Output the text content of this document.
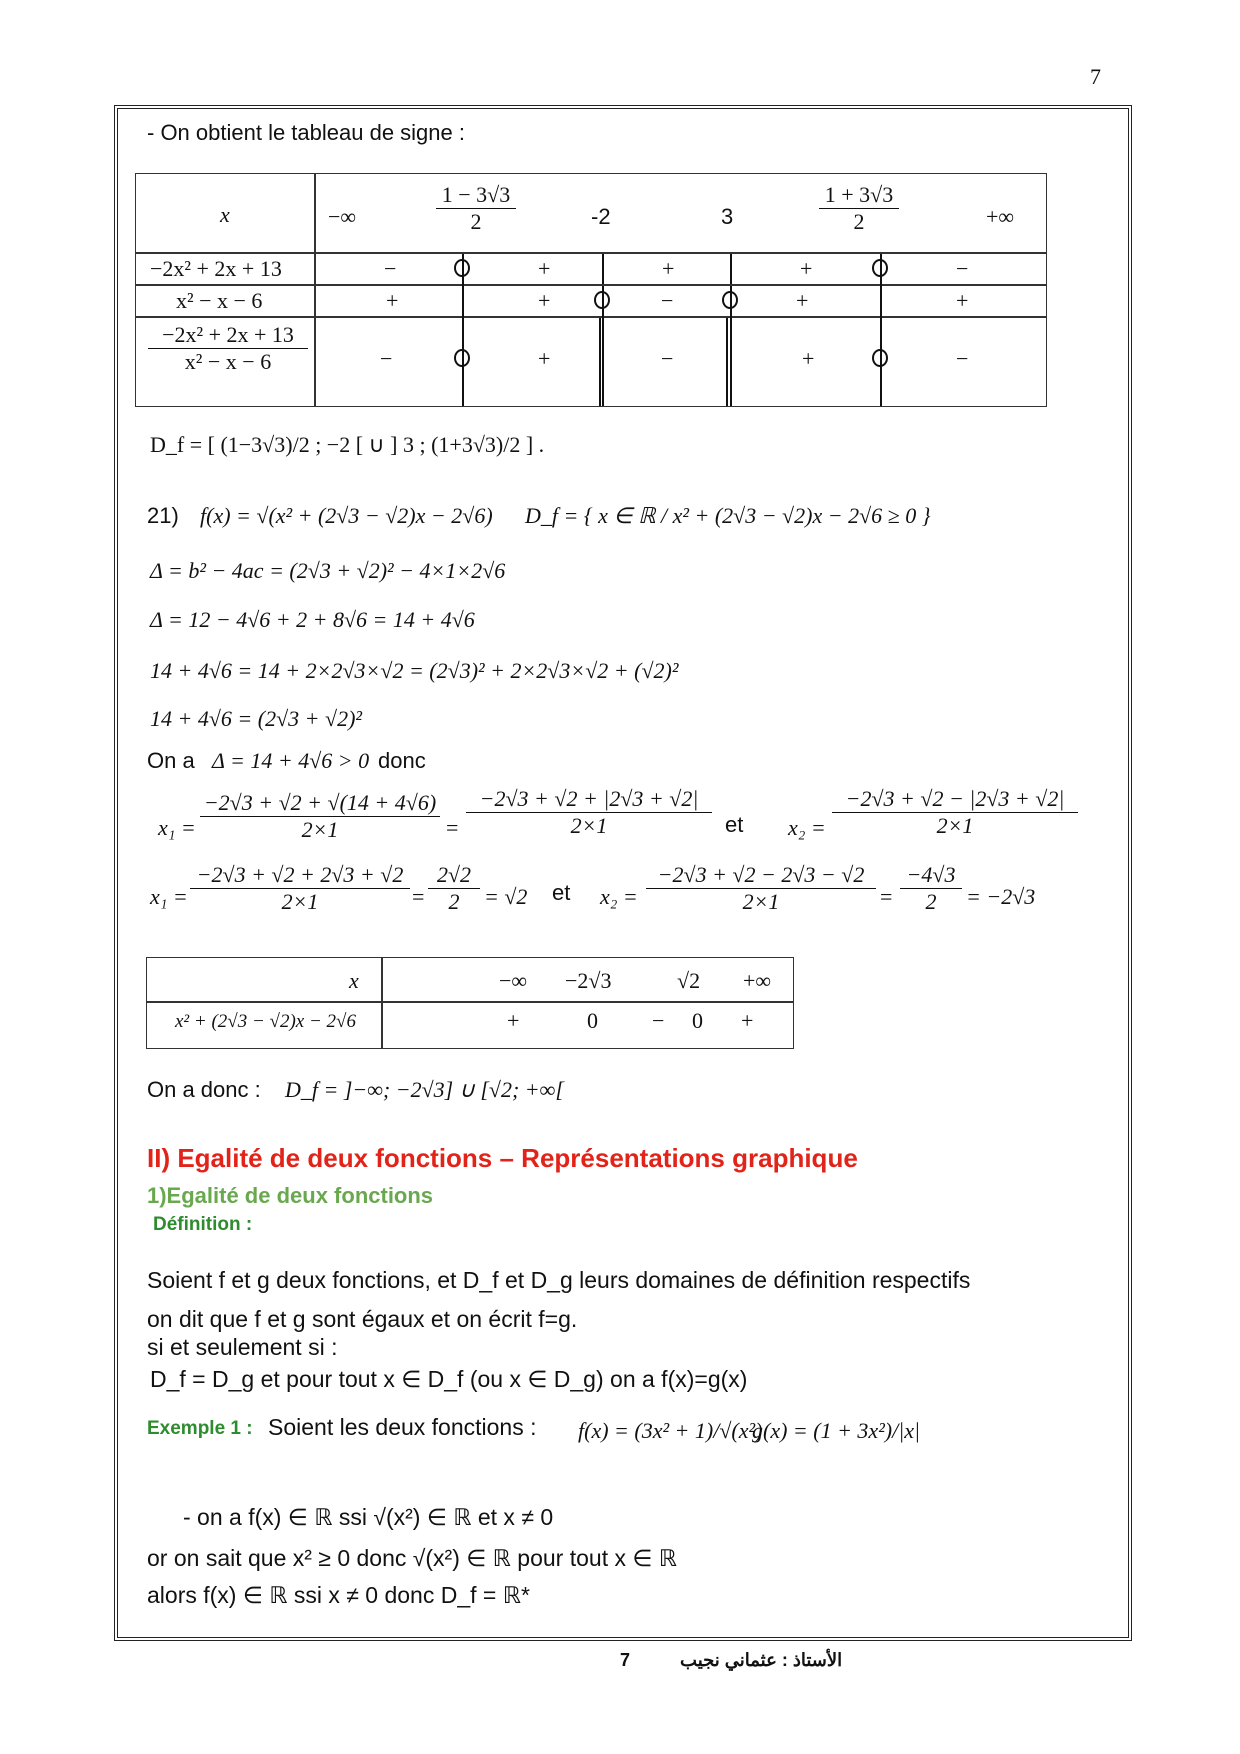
7
- On obtient le tableau de signe :
x	−∞	$\frac{1 - 3√3}{2}$	-2	3	$\frac{1 + 3√3}{2}$	+∞
−2x² + 2x + 13	−	+	+	+	−
x² − x − 6	+	+	−	+	+
$\frac{\text{−2x² + 2x + 13}}{\text{x² − x − 6}}$	−	+	−	+	−
D_f = [ (1−3√3)/2 ; −2 [ ∪ ] 3 ; (1+3√3)/2 ] .
21) f(x) = √(x² + (2√3 − √2)x − 2√6) D_f = { x ∈ ℝ / x² + (2√3 − √2)x − 2√6 ≥ 0 }
Δ = b² − 4ac = (2√3 + √2)² − 4×1×2√6
Δ = 12 − 4√6 + 2 + 8√6 = 14 + 4√6
14 + 4√6 = 14 + 2×2√3×√2 = (2√3)² + 2×2√3×√2 + (√2)²
14 + 4√6 = (2√3 + √2)²
On a Δ = 14 + 4√6 > 0 donc
$x_1 = \frac{-2√3 + √2 + √(14 + 4√6)}{2\times 1} = \frac{-2√3 + √2 + |2√3 + √2|}{2\times 1}$ et $x_2 = \frac{-2√3 + √2 - |2√3 + √2|}{2\times 1}$
$x_1 = \frac{-2√3 + √2 + 2√3 + √2}{2\times 1} = \frac{2√2}{2} = √2$ et $x_2 = \frac{-2√3 + √2 - 2√3 - √2}{2\times 1} = \frac{-4√3}{2} = -2√3$
x	−∞ −2√3	√2 +∞
x² + (2√3 − √2)x − 2√6	+	0 − 0 +
On a donc : D_f = ]−∞; −2√3] ∪ [√2; +∞[
II) Egalité de deux fonctions – Représentations graphique
1)Egalité de deux fonctions
Définition :
Soient f et g deux fonctions, et D_f et D_g leurs domaines de définition respectifs
on dit que f et g sont égaux et on écrit f=g.
si et seulement si :
D_f = D_g et pour tout x ∈ D_f (ou x ∈ D_g) on a f(x)=g(x)
Exemple 1 : Soient les deux fonctions : f(x) = (3x² + 1)/√(x²)
g(x) = (1 + 3x²)/|x|
- on a f(x) ∈ ℝ ssi √(x²) ∈ ℝ et x ≠ 0
or on sait que x² ≥ 0 donc √(x²) ∈ ℝ pour tout x ∈ ℝ
alors f(x) ∈ ℝ ssi x ≠ 0 donc D_f = ℝ*
الأستاذ : عثماني نجيب  7
